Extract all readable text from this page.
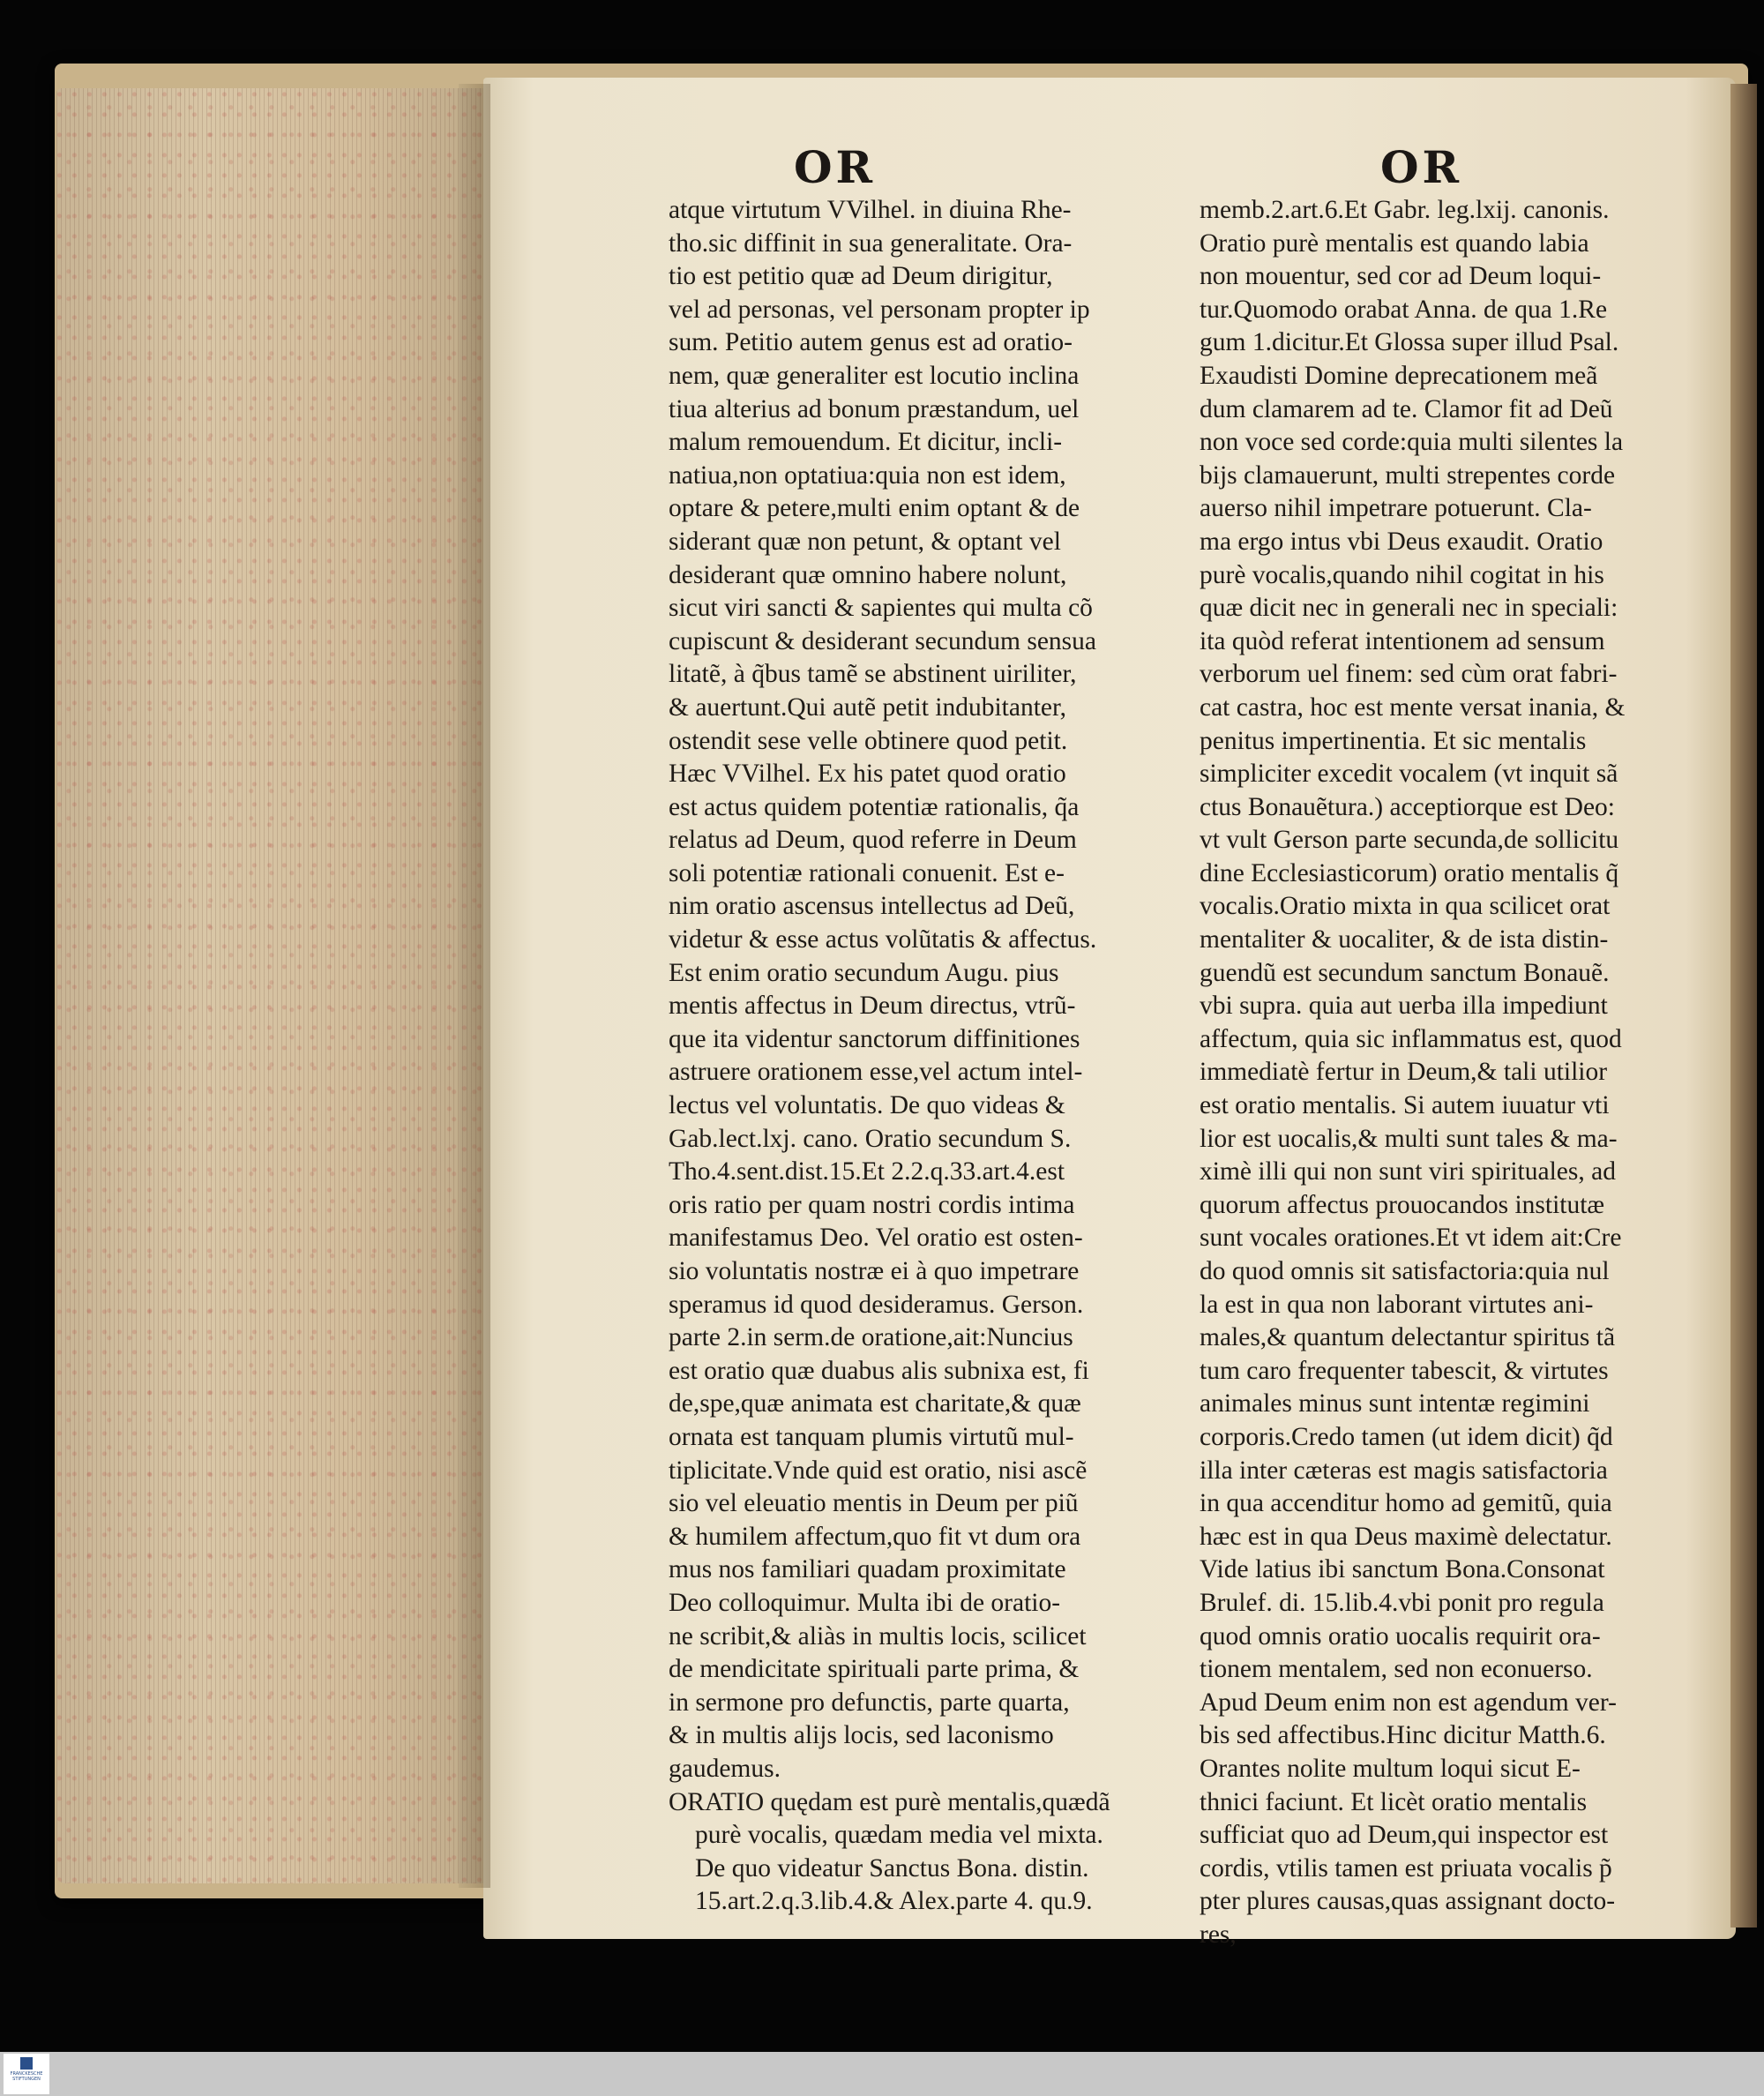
OR	OR
atque virtutum VVilhel. in diuina Rhe-
tho.sic diffinit in sua generalitate. Ora-
tio est petitio quæ ad Deum dirigitur,
vel ad personas, vel personam propter ip
sum. Petitio autem genus est ad oratio-
nem, quæ generaliter est locutio inclina
tiua alterius ad bonum præstandum, uel
malum remouendum. Et dicitur, incli-
natiua,non optatiua:quia non est idem,
optare & petere,multi enim optant & de
siderant quæ non petunt, & optant vel
desiderant quæ omnino habere nolunt,
sicut viri sancti & sapientes qui multa cõ
cupiscunt & desiderant secundum sensua
litatẽ, à q̃bus tamẽ se abstinent uiriliter,
& auertunt.Qui autẽ petit indubitanter,
ostendit sese velle obtinere quod petit.
Hæc VVilhel. Ex his patet quod oratio
est actus quidem potentiæ rationalis, q̃a
relatus ad Deum, quod referre in Deum
soli potentiæ rationali conuenit. Est e-
nim oratio ascensus intellectus ad Deũ,
videtur & esse actus volũtatis & affectus.
Est enim oratio secundum Augu. pius
mentis affectus in Deum directus, vtrũ-
que ita videntur sanctorum diffinitiones
astruere orationem esse,vel actum intel-
lectus vel voluntatis. De quo videas &
Gab.lect.lxj. cano. Oratio secundum S.
Tho.4.sent.dist.15.Et 2.2.q.33.art.4.est
oris ratio per quam nostri cordis intima
manifestamus Deo. Vel oratio est osten-
sio voluntatis nostræ ei à quo impetrare
speramus id quod desideramus. Gerson.
parte 2.in serm.de oratione,ait:Nuncius
est oratio quæ duabus alis subnixa est, fi
de,spe,quæ animata est charitate,& quæ
ornata est tanquam plumis virtutũ mul-
tiplicitate.Vnde quid est oratio, nisi ascẽ
sio vel eleuatio mentis in Deum per piũ
& humilem affectum,quo fit vt dum ora
mus nos familiari quadam proximitate
Deo colloquimur. Multa ibi de oratio-
ne scribit,& aliàs in multis locis, scilicet
de mendicitate spirituali parte prima, &
in sermone pro defunctis, parte quarta,
& in multis alijs locis, sed laconismo
gaudemus.
ORATIO quędam est purè mentalis,quædã
purè vocalis, quædam media vel mixta.
De quo videatur Sanctus Bona. distin.
15.art.2.q.3.lib.4.& Alex.parte 4. qu.9.
memb.2.art.6.Et Gabr. leg.lxij. canonis.
Oratio purè mentalis est quando labia
non mouentur, sed cor ad Deum loqui-
tur.Quomodo orabat Anna. de qua 1.Re
gum 1.dicitur.Et Glossa super illud Psal.
Exaudisti Domine deprecationem meã
dum clamarem ad te. Clamor fit ad Deũ
non voce sed corde:quia multi silentes la
bijs clamauerunt, multi strepentes corde
auerso nihil impetrare potuerunt. Cla-
ma ergo intus vbi Deus exaudit. Oratio
purè vocalis,quando nihil cogitat in his
quæ dicit nec in generali nec in speciali:
ita quòd referat intentionem ad sensum
verborum uel finem: sed cùm orat fabri-
cat castra, hoc est mente versat inania, &
penitus impertinentia. Et sic mentalis
simpliciter excedit vocalem (vt inquit sã
ctus Bonauẽtura.) acceptiorque est Deo:
vt vult Gerson parte secunda,de sollicitu
dine Ecclesiasticorum) oratio mentalis q̃
vocalis.Oratio mixta in qua scilicet orat
mentaliter & uocaliter, & de ista distin-
guendũ est secundum sanctum Bonauẽ.
vbi supra. quia aut uerba illa impediunt
affectum, quia sic inflammatus est, quod
immediatè fertur in Deum,& tali utilior
est oratio mentalis. Si autem iuuatur vti
lior est uocalis,& multi sunt tales & ma-
ximè illi qui non sunt viri spirituales, ad
quorum affectus prouocandos institutæ
sunt vocales orationes.Et vt idem ait:Cre
do quod omnis sit satisfactoria:quia nul
la est in qua non laborant virtutes ani-
males,& quantum delectantur spiritus tã
tum caro frequenter tabescit, & virtutes
animales minus sunt intentæ regimini
corporis.Credo tamen (ut idem dicit) q̃d
illa inter cæteras est magis satisfactoria
in qua accenditur homo ad gemitũ, quia
hæc est in qua Deus maximè delectatur.
Vide latius ibi sanctum Bona.Consonat
Brulef. di. 15.lib.4.vbi ponit pro regula
quod omnis oratio uocalis requirit ora-
tionem mentalem, sed non econuerso.
Apud Deum enim non est agendum ver-
bis sed affectibus.Hinc dicitur Matth.6.
Orantes nolite multum loqui sicut E-
thnici faciunt. Et licèt oratio mentalis
sufficiat quo ad Deum,qui inspector est
cordis, vtilis tamen est priuata vocalis p̃
pter plures causas,quas assignant docto-
res,
FRANCKESCHE STIFTUNGEN
